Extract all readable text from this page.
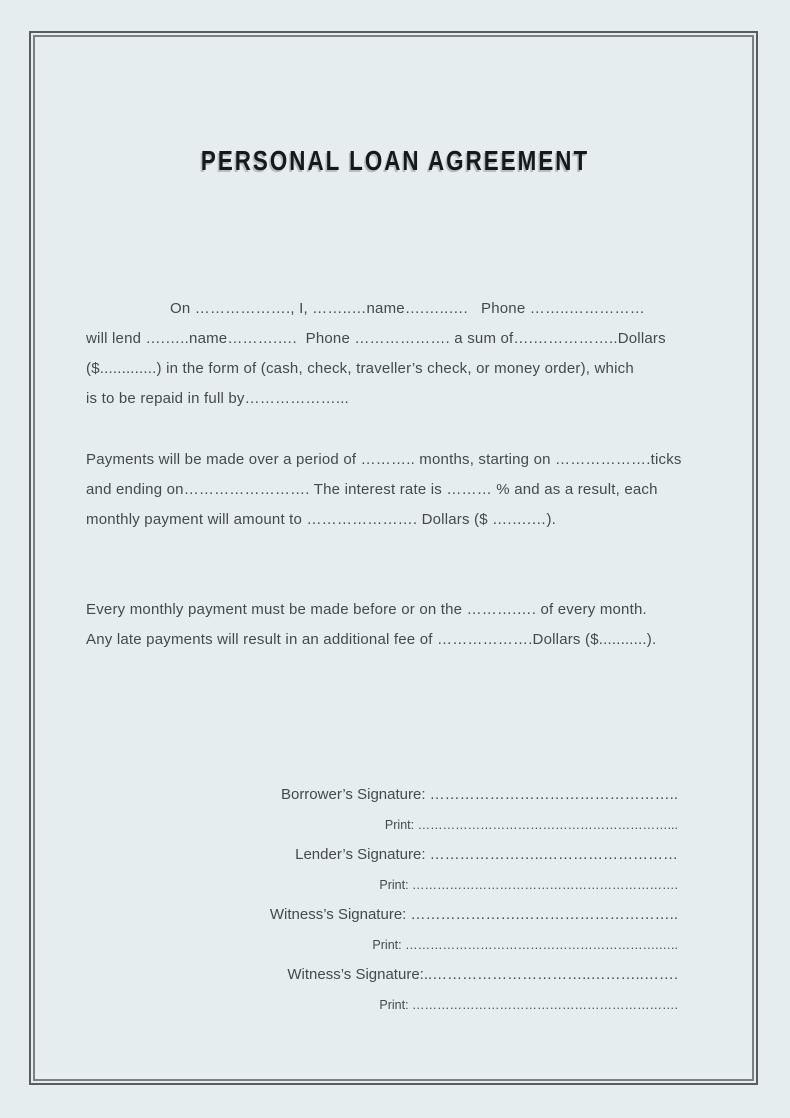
PERSONAL LOAN AGREEMENT
On ………………., I, ……..…name….…..….   Phone ……..……………
will lend ….…..name……….….  Phone ………………. a sum of….……………..Dollars
($.............) in the form of (cash, check, traveller’s check, or money order), which
is to be repaid in full by………………...
Payments will be made over a period of ……….. months, starting on ……………….ticks
and ending on……………………. The interest rate is ……… % and as a result, each
monthly payment will amount to …………………. Dollars ($ ….….…).
Every monthly payment must be made before or on the ……….…. of every month.
Any late payments will result in an additional fee of ……………….Dollars ($...........).
Borrower’s Signature: …………………………………………..
Print: ……………………………………………………...
Lender’s Signature: …………………..………………………
Print: ……………………………………………………….
Witness’s Signature: ………………….…………………………..
Print: …………………………………………………….…..
Witness’s Signature:..…………………………..………..…….
Print: ……………………………………………………….
